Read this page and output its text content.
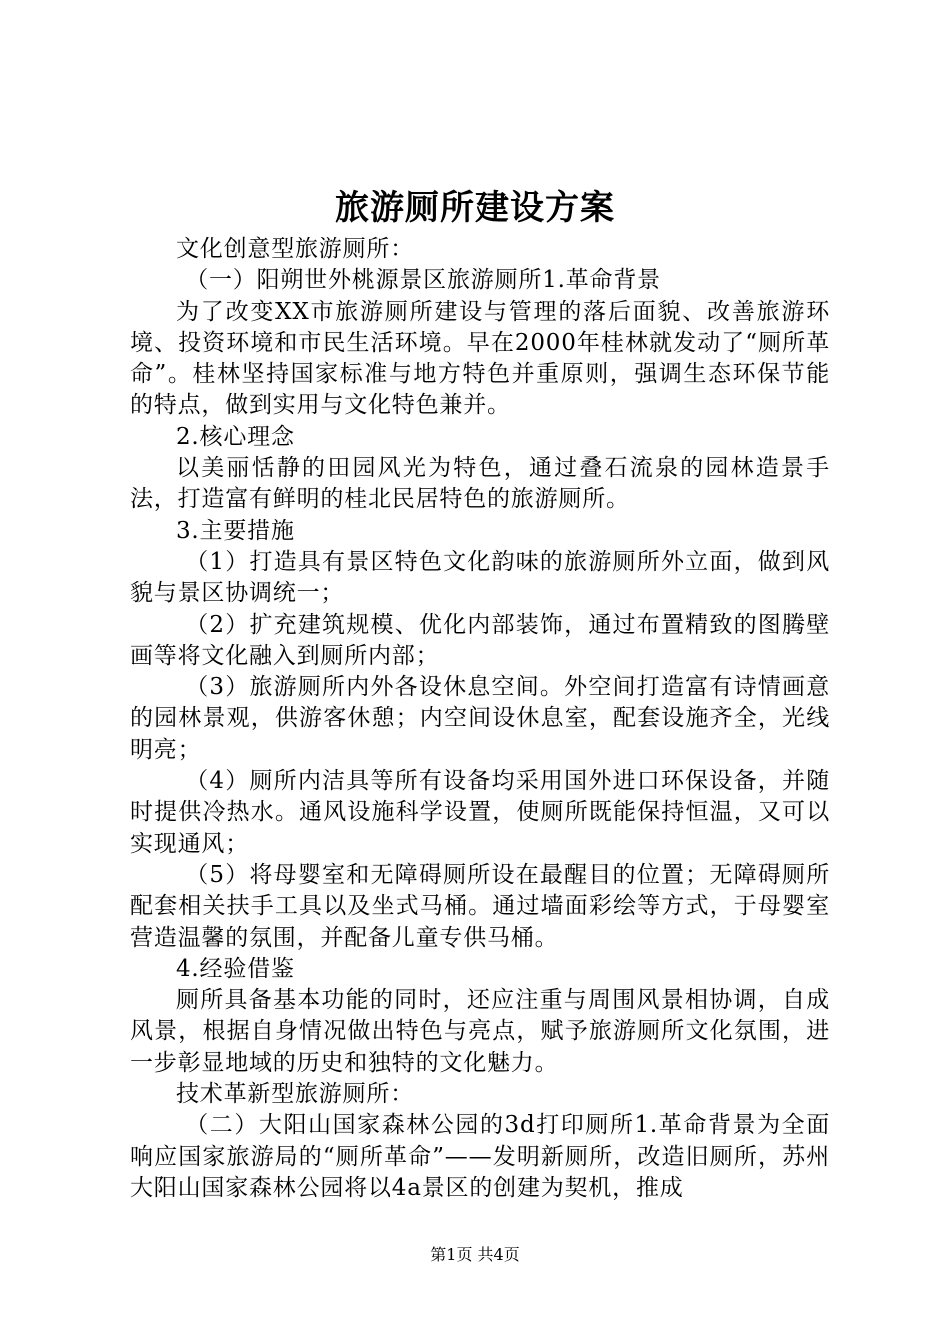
旅游厕所建设方案

文化创意型旅游厕所：

（一）阳朔世外桃源景区旅游厕所1.革命背景

为了改变XX市旅游厕所建设与管理的落后面貌、改善旅游环境、投资环境和市民生活环境。早在2000年桂林就发动了“厕所革命”。桂林坚持国家标准与地方特色并重原则，强调生态环保节能的特点，做到实用与文化特色兼并。

2.核心理念

以美丽恬静的田园风光为特色，通过叠石流泉的园林造景手法，打造富有鲜明的桂北民居特色的旅游厕所。

3.主要措施

（1）打造具有景区特色文化韵味的旅游厕所外立面，做到风貌与景区协调统一；

（2）扩充建筑规模、优化内部装饰，通过布置精致的图腾壁画等将文化融入到厕所内部；

（3）旅游厕所内外各设休息空间。外空间打造富有诗情画意的园林景观，供游客休憩；内空间设休息室，配套设施齐全，光线明亮；

（4）厕所内洁具等所有设备均采用国外进口环保设备，并随时提供冷热水。通风设施科学设置，使厕所既能保持恒温，又可以实现通风；

（5）将母婴室和无障碍厕所设在最醒目的位置；无障碍厕所配套相关扶手工具以及坐式马桶。通过墙面彩绘等方式，于母婴室营造温馨的氛围，并配备儿童专供马桶。

4.经验借鉴

厕所具备基本功能的同时，还应注重与周围风景相协调，自成风景，根据自身情况做出特色与亮点，赋予旅游厕所文化氛围，进一步彰显地域的历史和独特的文化魅力。

技术革新型旅游厕所：

（二）大阳山国家森林公园的3d打印厕所1.革命背景为全面响应国家旅游局的“厕所革命”——发明新厕所，改造旧厕所，苏州大阳山国家森林公园将以4a景区的创建为契机，推成

第1页 共4页
